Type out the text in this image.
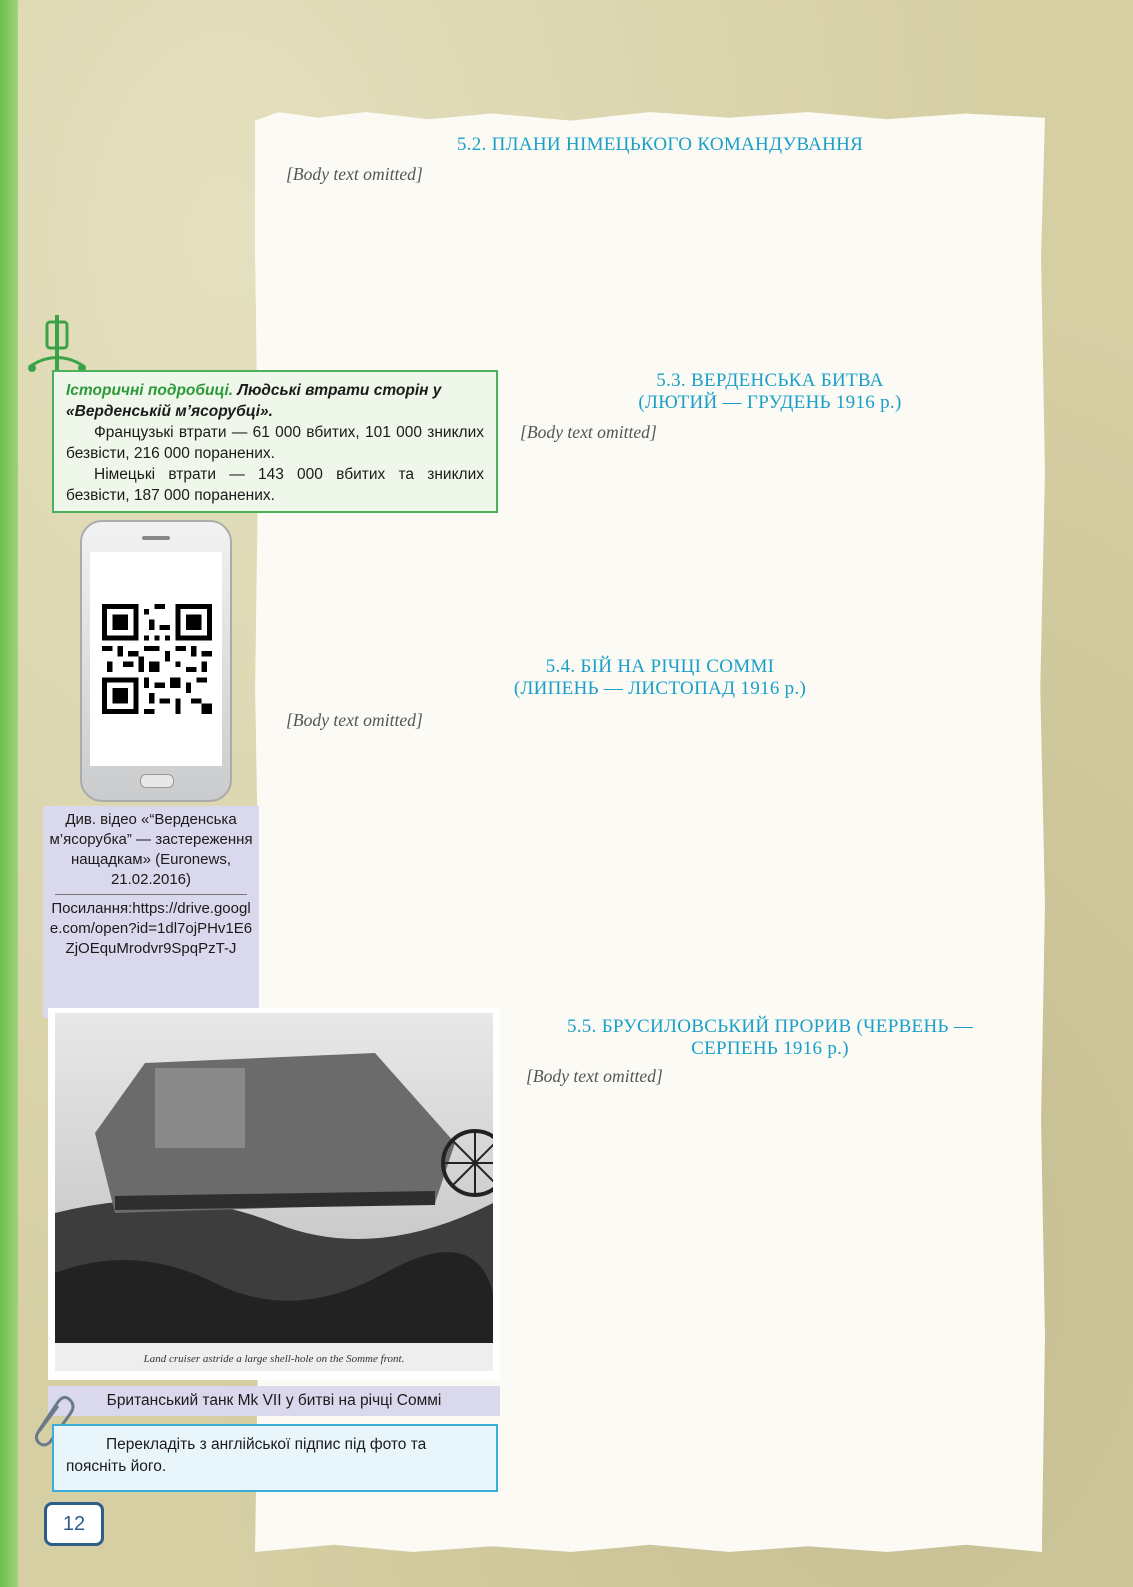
5.2. ПЛАНИ НІМЕЦЬКОГО КОМАНДУВАННЯ
[Body text omitted]
5.3. ВЕРДЕНСЬКА БИТВА
(ЛЮТИЙ — ГРУДЕНЬ 1916 р.)
[Body text omitted]
5.4. БІЙ НА РІЧЦІ СОММІ
(ЛИПЕНЬ — ЛИСТОПАД 1916 р.)
[Body text omitted]
5.5. БРУСИЛОВСЬКИЙ ПРОРИВ (ЧЕРВЕНЬ —
СЕРПЕНЬ 1916 р.)
[Body text omitted]
Історичні подробиці. Людські втрати сторін у «Верденській м’ясорубці».

Французькі втрати — 61 000 вбитих, 101 000 зниклих безвісти, 216 000 поранених.

Німецькі втрати — 143 000 вбитих та зниклих безвісти, 187 000 поранених.

Див. відео «“Верденська м’ясорубка” — застереження нащадкам» (Euronews, 21.02.2016)
Посилання:https://drive.google.com/open?id=1dl7ojPHv1E6ZjOEquMrodvr9SpqPzT-J
Land cruiser astride a large shell-hole on the Somme front.
Британський танк Mk VII у битві на річці Соммі

Перекладіть з англійської підпис під фото та поясніть його.

12
